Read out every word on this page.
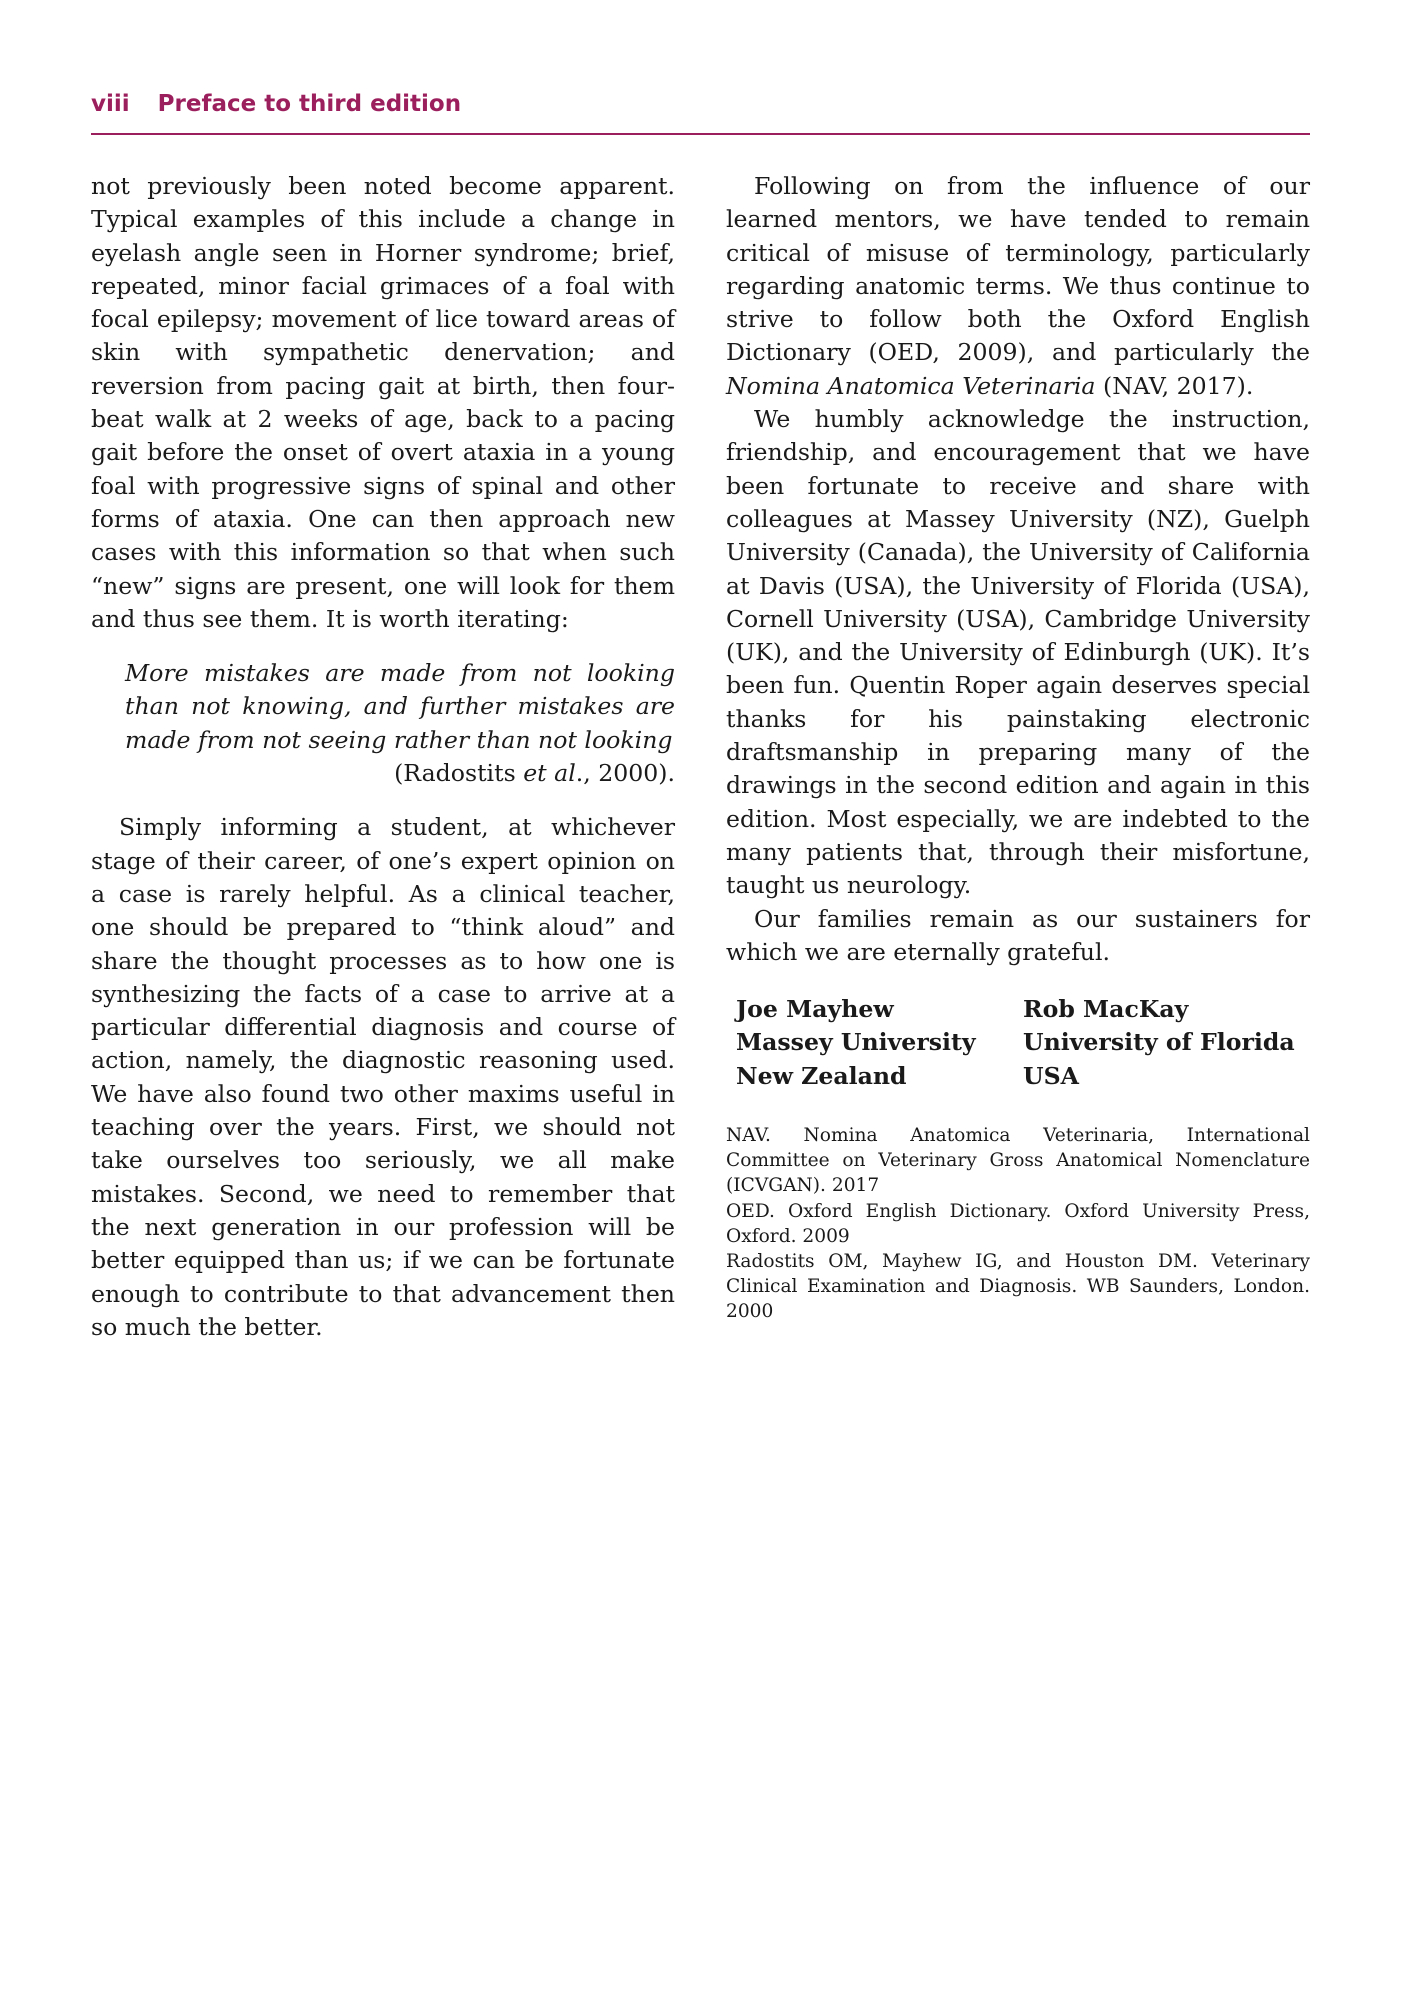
viii Preface to third edition

not previously been noted become apparent. Typical examples of this include a change in eyelash angle seen in Horner syndrome; brief, repeated, minor facial grimaces of a foal with focal epilepsy; movement of lice toward areas of skin with sympathetic denervation; and reversion from pacing gait at birth, then four-beat walk at 2 weeks of age, back to a pacing gait before the onset of overt ataxia in a young foal with progressive signs of spinal and other forms of ataxia. One can then approach new cases with this information so that when such “new” signs are present, one will look for them and thus see them. It is worth iterating:

More mistakes are made from not looking than not knowing, and further mistakes are made from not seeing rather than not looking
(Radostits et al., 2000).

Simply informing a student, at whichever stage of their career, of one’s expert opinion on a case is rarely helpful. As a clinical teacher, one should be prepared to “think aloud” and share the thought processes as to how one is synthesizing the facts of a case to arrive at a particular differential diagnosis and course of action, namely, the diagnostic reasoning used. We have also found two other maxims useful in teaching over the years. First, we should not take ourselves too seriously, we all make mistakes. Second, we need to remember that the next generation in our profession will be better equipped than us; if we can be fortunate enough to contribute to that advancement then so much the better.

Following on from the influence of our learned mentors, we have tended to remain critical of misuse of terminology, particularly regarding anatomic terms. We thus continue to strive to follow both the Oxford English Dictionary (OED, 2009), and particularly the Nomina Anatomica Veterinaria (NAV, 2017).

We humbly acknowledge the instruction, friendship, and encouragement that we have been fortunate to receive and share with colleagues at Massey University (NZ), Guelph University (Canada), the University of California at Davis (USA), the University of Florida (USA), Cornell University (USA), Cambridge University (UK), and the University of Edinburgh (UK). It’s been fun. Quentin Roper again deserves special thanks for his painstaking electronic draftsmanship in preparing many of the drawings in the second edition and again in this edition. Most especially, we are indebted to the many patients that, through their misfortune, taught us neurology.

Our families remain as our sustainers for which we are eternally grateful.

Joe Mayhew
Massey University
New Zealand
Rob MacKay
University of Florida
USA
NAV. Nomina Anatomica Veterinaria, International Committee on Veterinary Gross Anatomical Nomenclature (ICVGAN). 2017
OED. Oxford English Dictionary. Oxford University Press, Oxford. 2009
Radostits OM, Mayhew IG, and Houston DM. Veterinary Clinical Examination and Diagnosis. WB Saunders, London. 2000
